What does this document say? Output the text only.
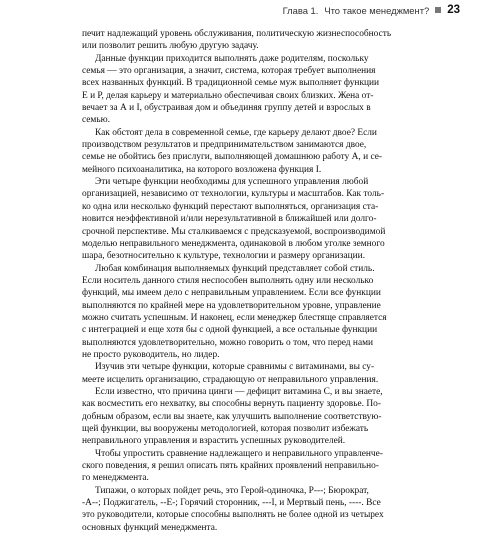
Глава 1. Что такое менеджмент? 23

печит надлежащий уровень обслуживания, политическую жизнеспособность
или позволит решить любую другую задачу.

Данные функции приходится выполнять даже родителям, поскольку
семья — это организация, а значит, система, которая требует выполнения
всех названных функций. В традиционной семье муж выполняет функции
Е и Р, делая карьеру и материально обеспечивая своих близких. Жена от-
вечает за А и I, обустраивая дом и объединяя группу детей и взрослых в
семью.

Как обстоят дела в современной семье, где карьеру делают двое? Если
производством результатов и предпринимательством занимаются двое,
семье не обойтись без прислуги, выполняющей домашнюю работу А, и се-
мейного психоаналитика, на которого возложена функция I.

Эти четыре функции необходимы для успешного управления любой
организацией, независимо от технологии, культуры и масштабов. Как толь-
ко одна или несколько функций перестают выполняться, организация ста-
новится неэффективной и/или нерезультативной в ближайшей или долго-
срочной перспективе. Мы сталкиваемся с предсказуемой, воспроизводимой
моделью неправильного менеджмента, одинаковой в любом уголке земного
шара, безотносительно к культуре, технологии и размеру организации.

Любая комбинация выполняемых функций представляет собой стиль.
Если носитель данного стиля неспособен выполнять одну или несколько
функций, мы имеем дело с неправильным управлением. Если все функции
выполняются по крайней мере на удовлетворительном уровне, управление
можно считать успешным. И наконец, если менеджер блестяще справляется
с интеграцией и еще хотя бы с одной функцией, а все остальные функции
выполняются удовлетворительно, можно говорить о том, что перед нами
не просто руководитель, но лидер.

Изучив эти четыре функции, которые сравнимы с витаминами, вы су-
меете исцелить организацию, страдающую от неправильного управления.

Если известно, что причина цинги — дефицит витамина С, и вы знаете,
как восместить его нехватку, вы способны вернуть пациенту здоровье. По-
добным образом, если вы знаете, как улучшить выполнение соответствую-
щей функции, вы вооружены методологией, которая позволит избежать
неправильного управления и взрастить успешных руководителей.

Чтобы упростить сравнение надлежащего и неправильного управленче-
ского поведения, я решил описать пять крайних проявлений неправильно-
го менеджмента.

Типажи, о которых пойдет речь, это Герой-одиночка, Р---; Бюрократ,
-А--; Поджигатель, --Е-; Горячий сторонник, ---I, и Мертвый пень, ----. Все
это руководители, которые способны выполнять не более одной из четырех
основных функций менеджмента.
